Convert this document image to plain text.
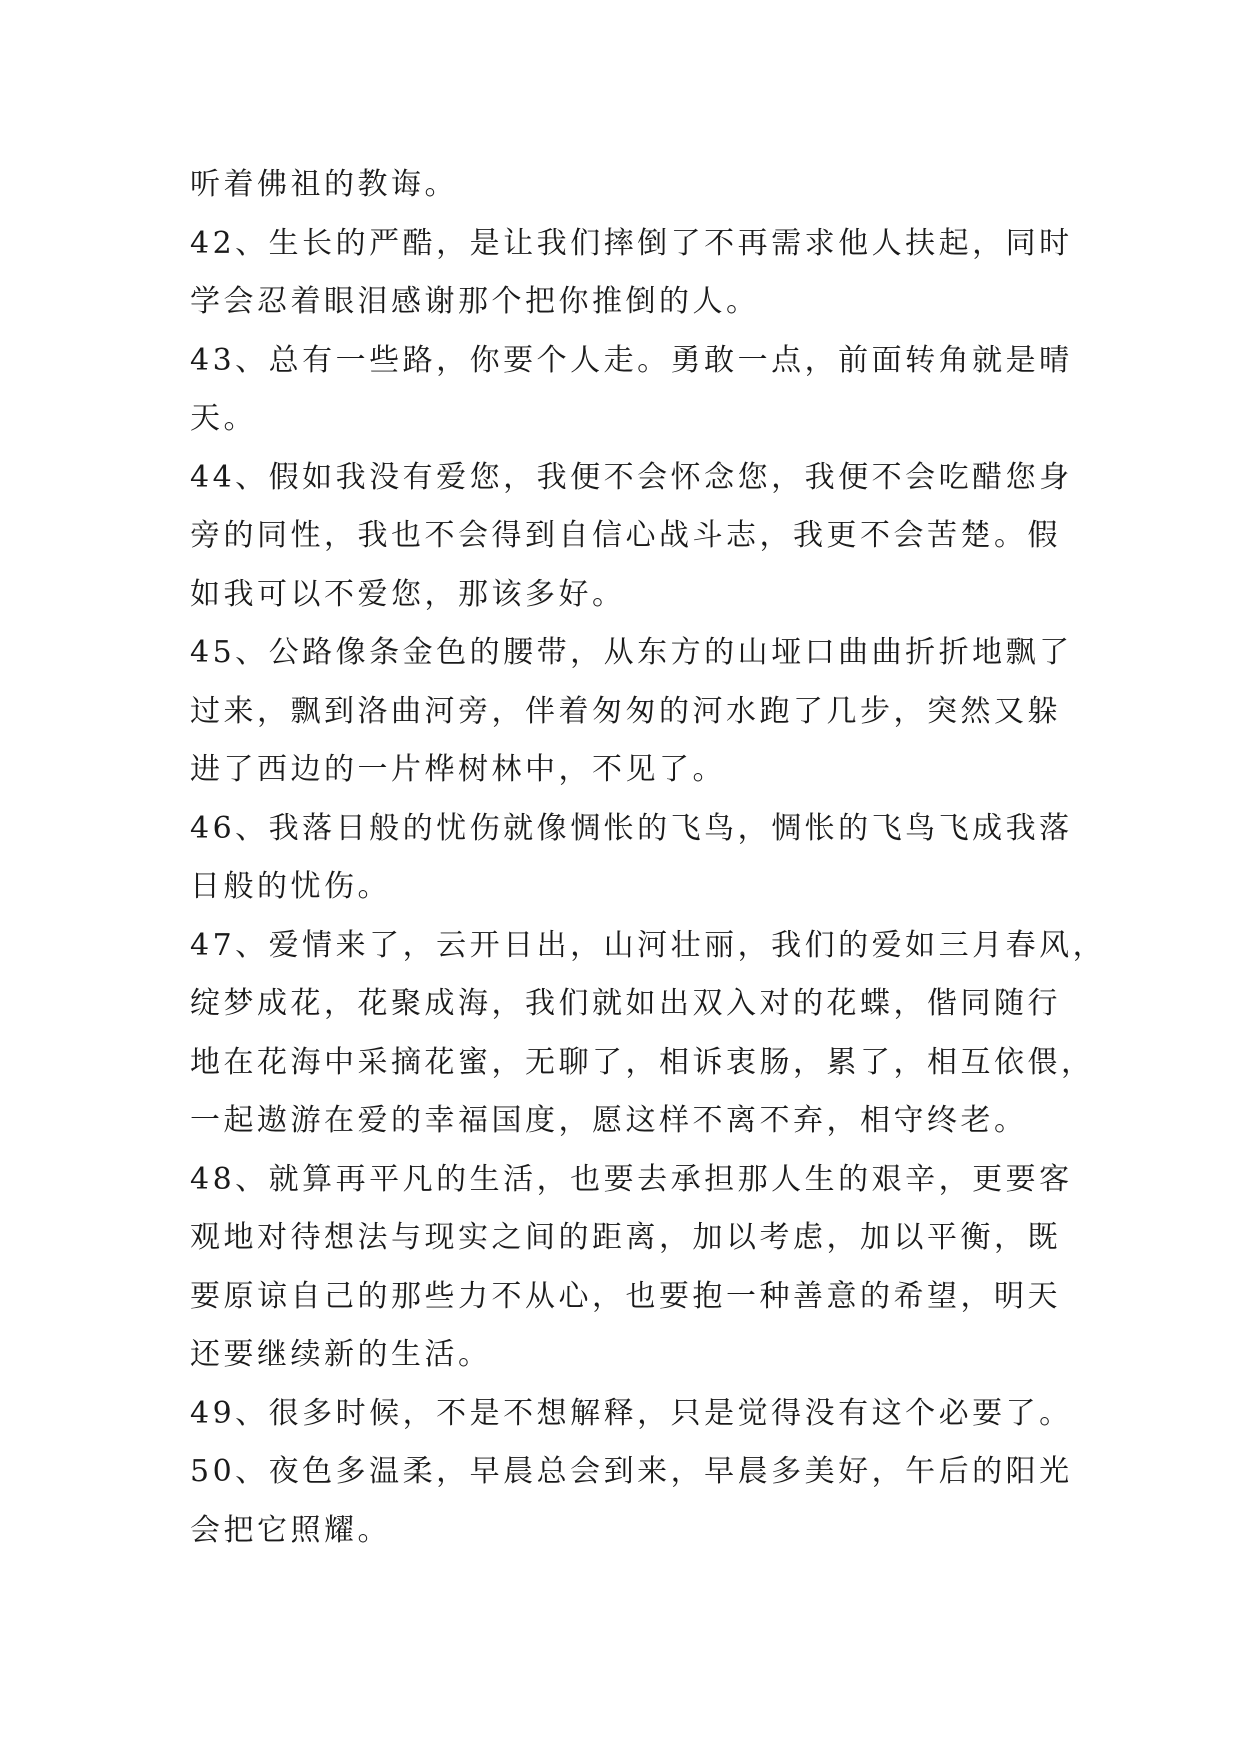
听着佛祖的教诲。

42、生长的严酷，是让我们摔倒了不再需求他人扶起，同时

学会忍着眼泪感谢那个把你推倒的人。

43、总有一些路，你要个人走。勇敢一点，前面转角就是晴

天。

44、假如我没有爱您，我便不会怀念您，我便不会吃醋您身

旁的同性，我也不会得到自信心战斗志，我更不会苦楚。假

如我可以不爱您，那该多好。

45、公路像条金色的腰带，从东方的山垭口曲曲折折地飘了

过来，飘到洛曲河旁，伴着匆匆的河水跑了几步，突然又躲

进了西边的一片桦树林中，不见了。

46、我落日般的忧伤就像惆怅的飞鸟，惆怅的飞鸟飞成我落

日般的忧伤。

47、爱情来了，云开日出，山河壮丽，我们的爱如三月春风，

绽梦成花，花聚成海，我们就如出双入对的花蝶，偕同随行

地在花海中采摘花蜜，无聊了，相诉衷肠，累了，相互依偎，

一起遨游在爱的幸福国度，愿这样不离不弃，相守终老。

48、就算再平凡的生活，也要去承担那人生的艰辛，更要客

观地对待想法与现实之间的距离，加以考虑，加以平衡，既

要原谅自己的那些力不从心，也要抱一种善意的希望，明天

还要继续新的生活。

49、很多时候，不是不想解释，只是觉得没有这个必要了。

50、夜色多温柔，早晨总会到来，早晨多美好，午后的阳光

会把它照耀。
